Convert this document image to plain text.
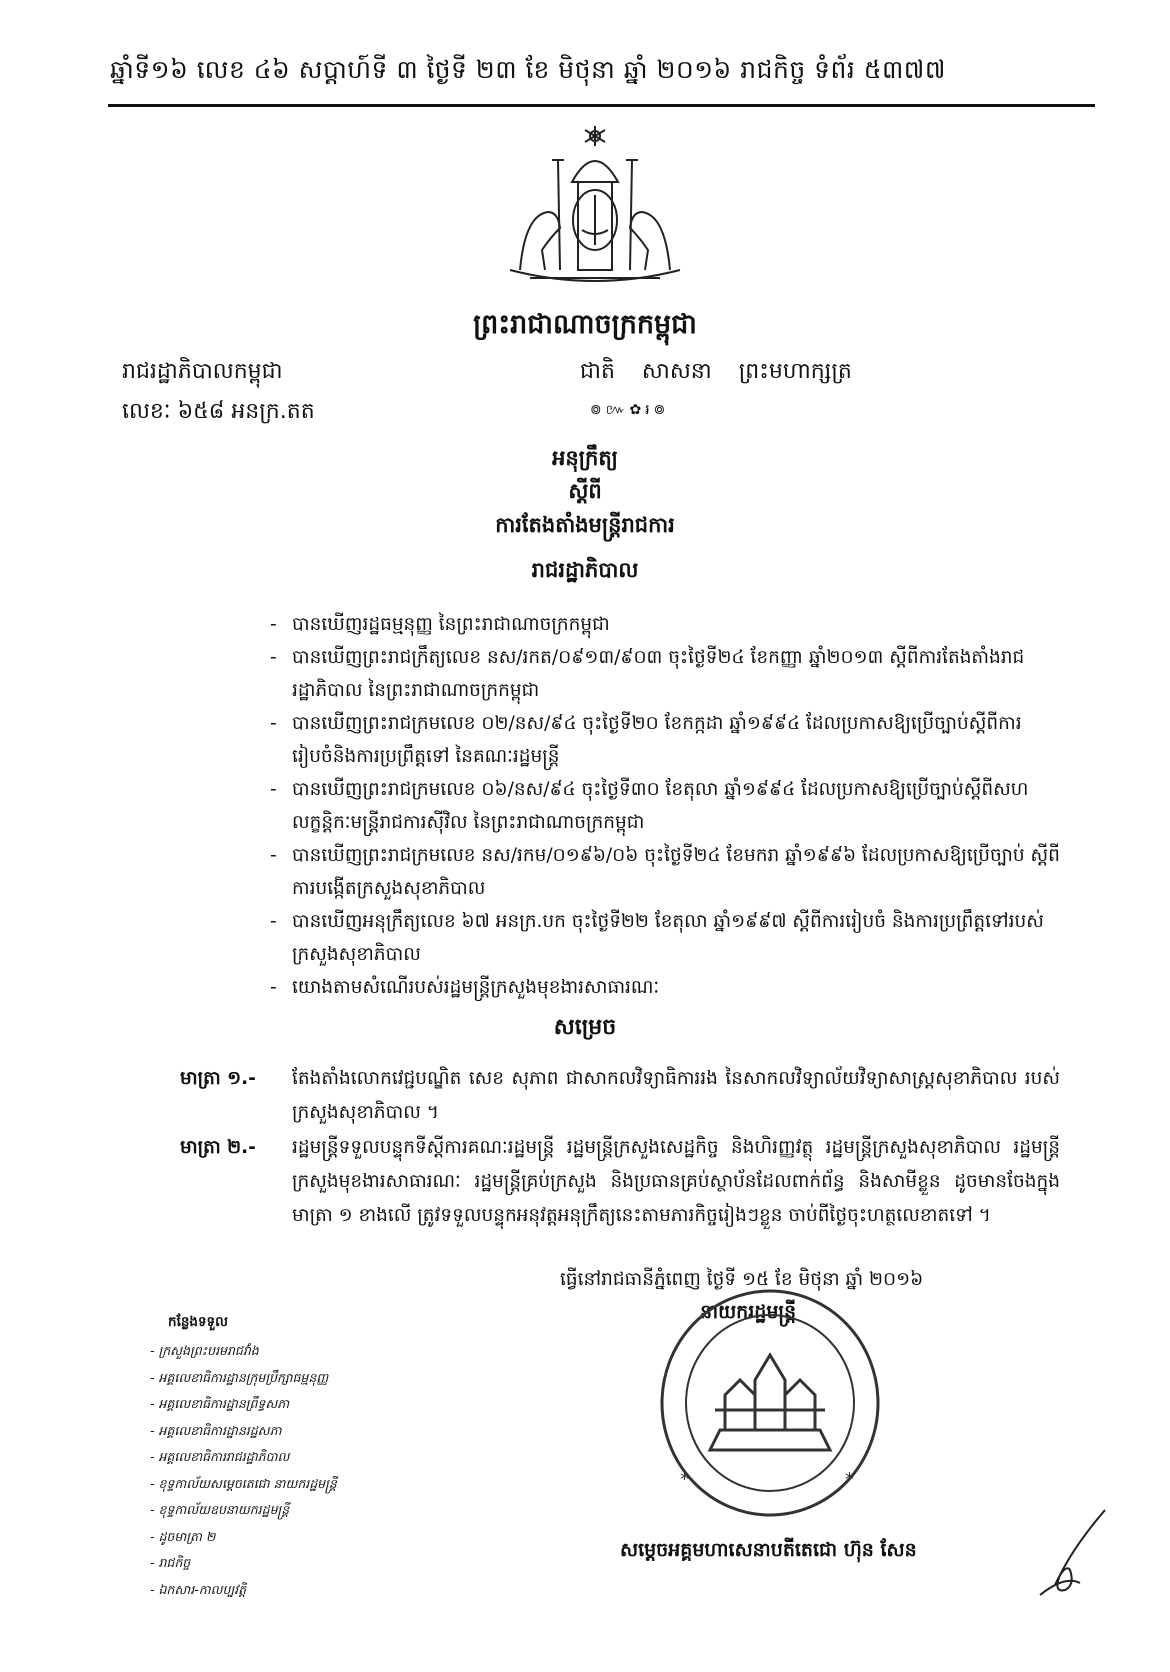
ឆ្នាំទី១៦ លេខ ៤៦ សប្តាហ៍ទី ៣ ថ្ងៃទី ២៣ ខែ មិថុនា ឆ្នាំ ២០១៦ រាជកិច្ច ទំព័រ ៥៣៧៧
ព្រះរាជាណាចក្រកម្ពុជា
រាជរដ្ឋាភិបាលកម្ពុជា	ជាតិ សាសនា ព្រះមហាក្សត្រ
លេខៈ ៦៥៨ អនក្រ.តត	៙៚✿៛៙
អនុក្រឹត្យ
ស្តីពី
ការតែងតាំងមន្ត្រីរាជការ
រាជរដ្ឋាភិបាល
- បានឃើញរដ្ឋធម្មនុញ្ញ នៃព្រះរាជាណាចក្រកម្ពុជា
- បានឃើញព្រះរាជក្រឹត្យលេខ នស/រកត/០៩១៣/៩០៣ ចុះថ្ងៃទី២៤ ខែកញ្ញា ឆ្នាំ២០១៣ ស្តីពីការតែងតាំងរាជរដ្ឋាភិបាល នៃព្រះរាជាណាចក្រកម្ពុជា
- បានឃើញព្រះរាជក្រមលេខ ០២/នស/៩៤ ចុះថ្ងៃទី២០ ខែកក្កដា ឆ្នាំ១៩៩៤ ដែលប្រកាសឱ្យប្រើច្បាប់ស្តីពីការរៀបចំនិងការប្រព្រឹត្តទៅ នៃគណៈរដ្ឋមន្ត្រី
- បានឃើញព្រះរាជក្រមលេខ ០៦/នស/៩៤ ចុះថ្ងៃទី៣០ ខែតុលា ឆ្នាំ១៩៩៤ ដែលប្រកាសឱ្យប្រើច្បាប់ស្តីពីសហលក្ខន្តិកៈមន្ត្រីរាជការស៊ីវិល នៃព្រះរាជាណាចក្រកម្ពុជា
- បានឃើញព្រះរាជក្រមលេខ នស/រកម/០១៩៦/០៦ ចុះថ្ងៃទី២៤ ខែមករា ឆ្នាំ១៩៩៦ ដែលប្រកាសឱ្យប្រើច្បាប់ ស្តីពីការបង្កើតក្រសួងសុខាភិបាល
- បានឃើញអនុក្រឹត្យលេខ ៦៧ អនក្រ.បក ចុះថ្ងៃទី២២ ខែតុលា ឆ្នាំ១៩៩៧ ស្តីពីការរៀបចំ និងការប្រព្រឹត្តទៅរបស់ក្រសួងសុខាភិបាល
- យោងតាមសំណើរបស់រដ្ឋមន្ត្រីក្រសួងមុខងារសាធារណៈ
សម្រេច
មាត្រា ១.-	តែងតាំងលោកវេជ្ជបណ្ឌិត សេខ សុភាព ជាសាកលវិទ្យាធិការរង នៃសាកលវិទ្យាល័យវិទ្យាសាស្ត្រសុខាភិបាល របស់ក្រសួងសុខាភិបាល ។
មាត្រា ២.-	រដ្ឋមន្ត្រីទទួលបន្ទុកទីស្តីការគណៈរដ្ឋមន្ត្រី រដ្ឋមន្ត្រីក្រសួងសេដ្ឋកិច្ច និងហិរញ្ញវត្ថុ រដ្ឋមន្ត្រីក្រសួងសុខាភិបាល រដ្ឋមន្ត្រីក្រសួងមុខងារសាធារណៈ រដ្ឋមន្ត្រីគ្រប់ក្រសួង និងប្រធានគ្រប់ស្ថាប័នដែលពាក់ព័ន្ធ និងសាមីខ្លួន ដូចមានចែងក្នុងមាត្រា ១ ខាងលើ ត្រូវទទួលបន្ទុកអនុវត្តអនុក្រឹត្យនេះតាមភារកិច្ចរៀងៗខ្លួន ចាប់ពីថ្ងៃចុះហត្ថលេខាតទៅ ។
ធ្វើនៅរាជធានីភ្នំពេញ ថ្ងៃទី ១៥ ខែ មិថុនា ឆ្នាំ ២០១៦
នាយករដ្ឋមន្ត្រី
*	*
កន្លែងទទួល
- ក្រសួងព្រះបរមរាជវាំង
- អគ្គលេខាធិការដ្ឋានក្រុមប្រឹក្សាធម្មនុញ្ញ
- អគ្គលេខាធិការដ្ឋានព្រឹទ្ធសភា
- អគ្គលេខាធិការដ្ឋានរដ្ឋសភា
- អគ្គលេខាធិការរាជរដ្ឋាភិបាល
- ខុទ្ទកាល័យសម្តេចតេជោ នាយករដ្ឋមន្ត្រី
- ខុទ្ទកាល័យឧបនាយករដ្ឋមន្ត្រី
- ដូចមាត្រា ២
- រាជកិច្ច
- ឯកសារ-កាលប្បវត្តិ
សម្តេចអគ្គមហាសេនាបតីតេជោ ហ៊ុន សែន
